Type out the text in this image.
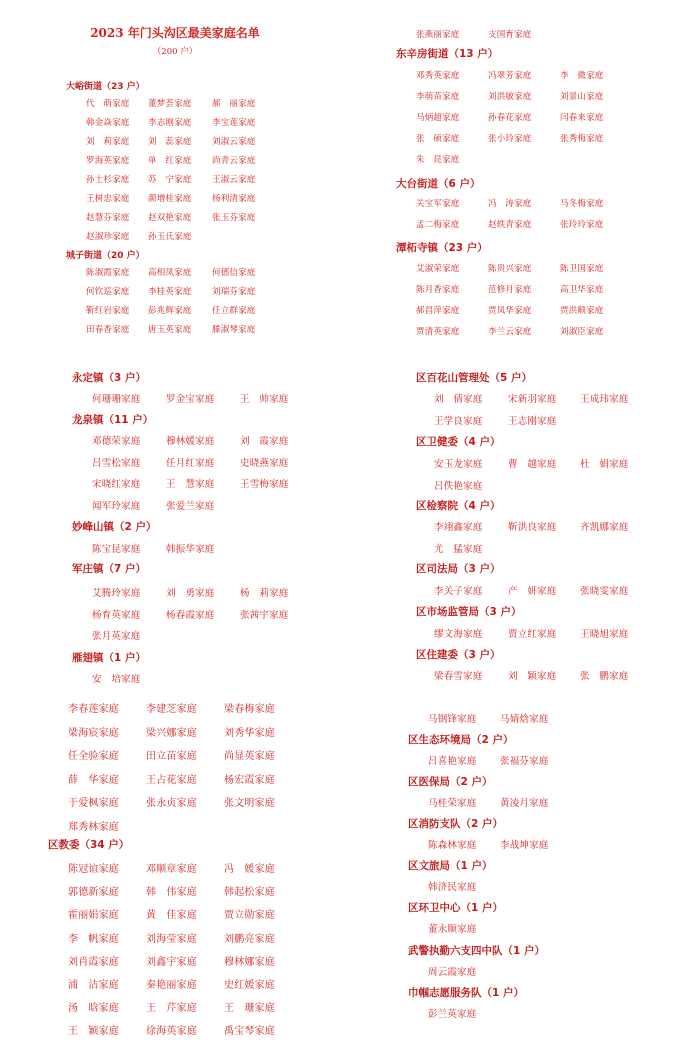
2023 年门头沟区最美家庭名单
（200 户）
大峪街道（23 户）
代　萌家庭 董梦荟家庭 郝　丽家庭
韩金焱家庭 李志刚家庭 李宝莲家庭
刘　莉家庭 刘　蕊家庭 刘淑云家庭
罗海英家庭 单　红家庭 尚青云家庭
孙士杉家庭 苏　宁家庭 王淑云家庭
王树忠家庭 颜增桂家庭 杨利清家庭
赵慧芬家庭 赵双艳家庭 张玉芬家庭
赵淑珍家庭 孙玉氏家庭
城子街道（20 户）
陈淑霞家庭 高相凤家庭 何德信家庭
何钦巡家庭 李桂英家庭 刘瑞芬家庭
靳红岩家庭 彭兆辉家庭 任立群家庭
田春香家庭 唐玉英家庭 滕淑琴家庭
张燕丽家庭	支国育家庭
东辛房街道（13 户）
邓秀英家庭	冯翠芳家庭	李　微家庭
李萌苗家庭	刘洪敏家庭	刘景山家庭
马炳超家庭	孙春花家庭	闫春来家庭
张　硕家庭	张小玲家庭	张秀梅家庭
朱　昆家庭
大台街道（6 户）
关宝军家庭	冯　涛家庭	马冬梅家庭
孟二梅家庭	赵轶青家庭	张玲玲家庭
潭柘寺镇（23 户）
艾淑荣家庭	陈贵兴家庭	陈卫国家庭
陈月香家庭	范修月家庭	高卫华家庭
郝昌萍家庭	贾凤华家庭	贾洪顺家庭
贾清英家庭	李兰云家庭	刘淑臣家庭
永定镇（3 户）
何珊珊家庭	罗金宝家庭	王　帅家庭
龙泉镇（11 户）
邓德荣家庭	穆林媛家庭	刘　霞家庭
吕雪松家庭	任月红家庭	史晓燕家庭
宋晓红家庭	王　慧家庭	王雪梅家庭
闻军玲家庭	张爱兰家庭
妙峰山镇（2 户）
陈宝昆家庭	韩振华家庭
军庄镇（7 户）
艾腾玲家庭	刘　勇家庭	杨　莉家庭
杨育英家庭	杨春霞家庭	张茜宇家庭
张月英家庭
雁翅镇（1 户）
安　培家庭
区百花山管理处（5 户）
刘　倩家庭	宋新羽家庭 王成玮家庭
王学良家庭	王志刚家庭
区卫健委（4 户）
安玉龙家庭	曹　越家庭 杜　娟家庭
吕佚艳家庭
区检察院（4 户）
李翊鑫家庭	靳洪良家庭 齐凯娜家庭
尤　猛家庭
区司法局（3 户）
李关子家庭	产　妍家庭 张晓雯家庭
区市场监管局（3 户）
缪文海家庭	贾立红家庭 王晓旭家庭
区住建委（3 户）
梁春雪家庭	刘　颖家庭 张　鹏家庭
李春莲家庭	李建芝家庭	梁春梅家庭
梁海宸家庭	梁兴娜家庭	刘秀华家庭
任全验家庭	田立苗家庭	尚显英家庭
薛　华家庭	王占花家庭	杨宏霞家庭
于爱枫家庭	张永贞家庭	张文明家庭
郑秀林家庭
区教委（34 户）
陈冠谊家庭	邓顺章家庭	冯　媛家庭
郭德新家庭	韩　伟家庭	韩起松家庭
霍丽娟家庭	黄　佳家庭	贾立勋家庭
李　帆家庭	刘海莹家庭	刘鹏亮家庭
刘肖霞家庭	刘鑫宇家庭	穆林娜家庭
浦　洁家庭	秦艳丽家庭	史红媛家庭
汤　晗家庭	王　芹家庭	王　珊家庭
王　颖家庭	徐海英家庭	禹宝琴家庭
马钢锋家庭 马婧焓家庭
区生态环境局（2 户）
吕喜艳家庭 张福芬家庭
区医保局（2 户）
马桂荣家庭 黄凌月家庭
区消防支队（2 户）
陈森林家庭 李战坤家庭
区文旅局（1 户）
韩济民家庭
区环卫中心（1 户）
董永顺家庭
武警执勤六支四中队（1 户）
周云霞家庭
巾帼志愿服务队（1 户）
彭兰英家庭
